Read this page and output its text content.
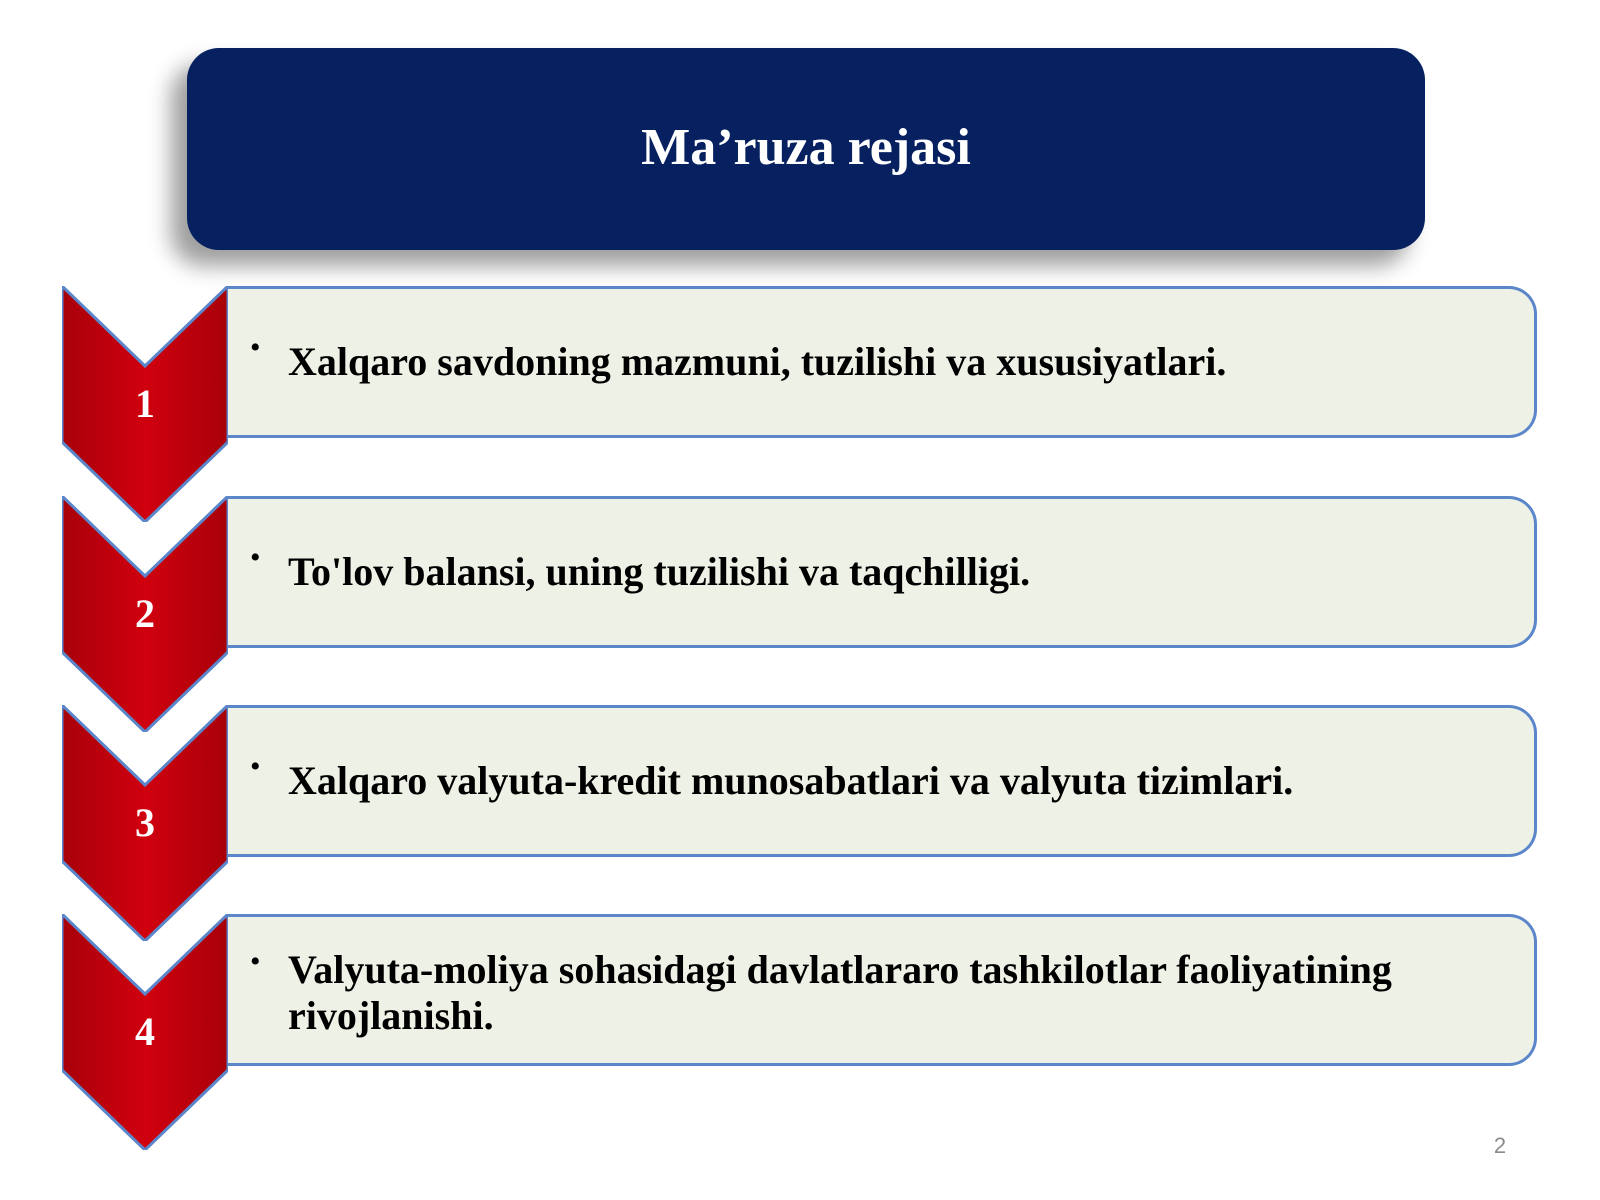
Ma’ruza rejasi
1
• Xalqaro savdoning mazmuni, tuzilishi va xususiyatlari.
2
• To'lov balansi, uning tuzilishi va taqchilligi.
3
• Xalqaro valyuta-kredit munosabatlari va valyuta tizimlari.
4
• Valyuta-moliya sohasidagi davlatlararo tashkilotlar faoliyatining rivojlanishi.
2
